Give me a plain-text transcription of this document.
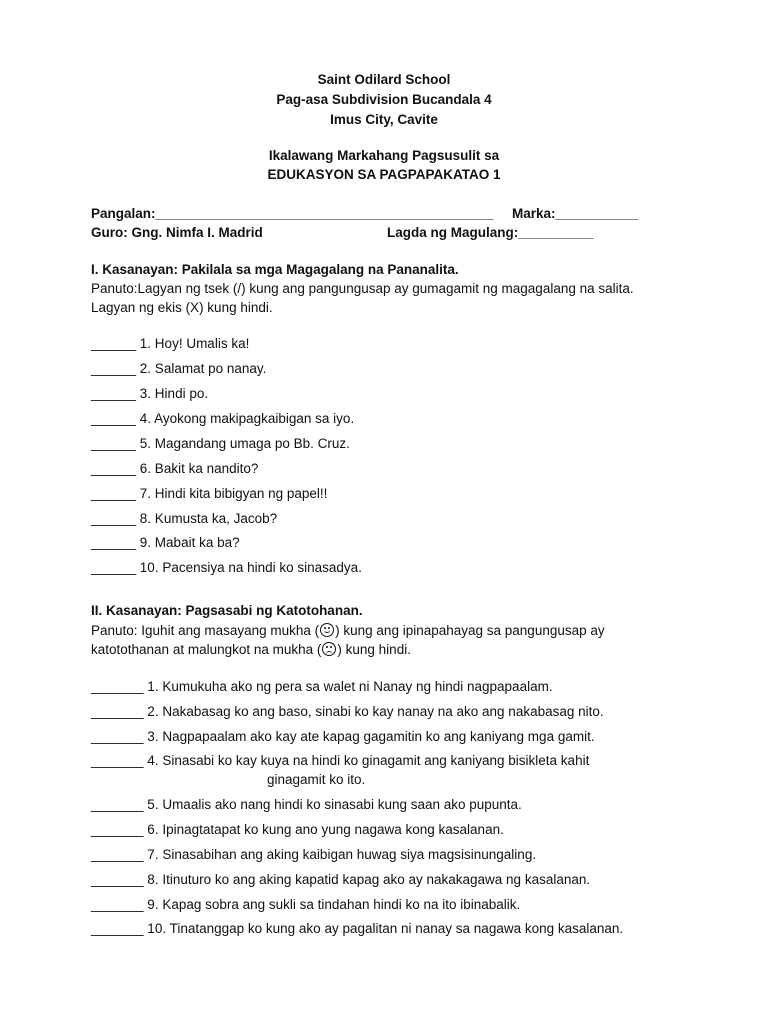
Saint Odilard School
Pag-asa Subdivision Bucandala 4
Imus City, Cavite
Ikalawang Markahang Pagsusulit sa
EDUKASYON SA PAGPAPAKATAO 1
Pangalan:_____________________________________________ Marka:___________
Guro: Gng. Nimfa I. Madrid	Lagda ng Magulang:__________
I. Kasanayan: Pakilala sa mga Magagalang na Pananalita.
Panuto:Lagyan ng tsek (/) kung ang pangungusap ay gumagamit ng magagalang na salita.
Lagyan ng ekis (X) kung hindi.
______ 1. Hoy! Umalis ka!
______ 2. Salamat po nanay.
______ 3. Hindi po.
______ 4. Ayokong makipagkaibigan sa iyo.
______ 5. Magandang umaga po Bb. Cruz.
______ 6. Bakit ka nandito?
______ 7. Hindi kita bibigyan ng papel!!
______ 8. Kumusta ka, Jacob?
______ 9. Mabait ka ba?
______ 10. Pacensiya na hindi ko sinasadya.
II. Kasanayan: Pagsasabi ng Katotohanan.
Panuto: Iguhit ang masayang mukha ( ) kung ang ipinapahayag sa pangungusap ay
katotothanan at malungkot na mukha ( ) kung hindi.
_______ 1. Kumukuha ako ng pera sa walet ni Nanay ng hindi nagpapaalam.
_______ 2. Nakabasag ko ang baso, sinabi ko kay nanay na ako ang nakabasag nito.
_______ 3. Nagpapaalam ako kay ate kapag gagamitin ko ang kaniyang mga gamit.
_______ 4. Sinasabi ko kay kuya na hindi ko ginagamit ang kaniyang bisikleta kahit
ginagamit ko ito.
_______ 5. Umaalis ako nang hindi ko sinasabi kung saan ako pupunta.
_______ 6. Ipinagtatapat ko kung ano yung nagawa kong kasalanan.
_______ 7. Sinasabihan ang aking kaibigan huwag siya magsisinungaling.
_______ 8. Itinuturo ko ang aking kapatid kapag ako ay nakakagawa ng kasalanan.
_______ 9. Kapag sobra ang sukli sa tindahan hindi ko na ito ibinabalik.
_______ 10. Tinatanggap ko kung ako ay pagalitan ni nanay sa nagawa kong kasalanan.
